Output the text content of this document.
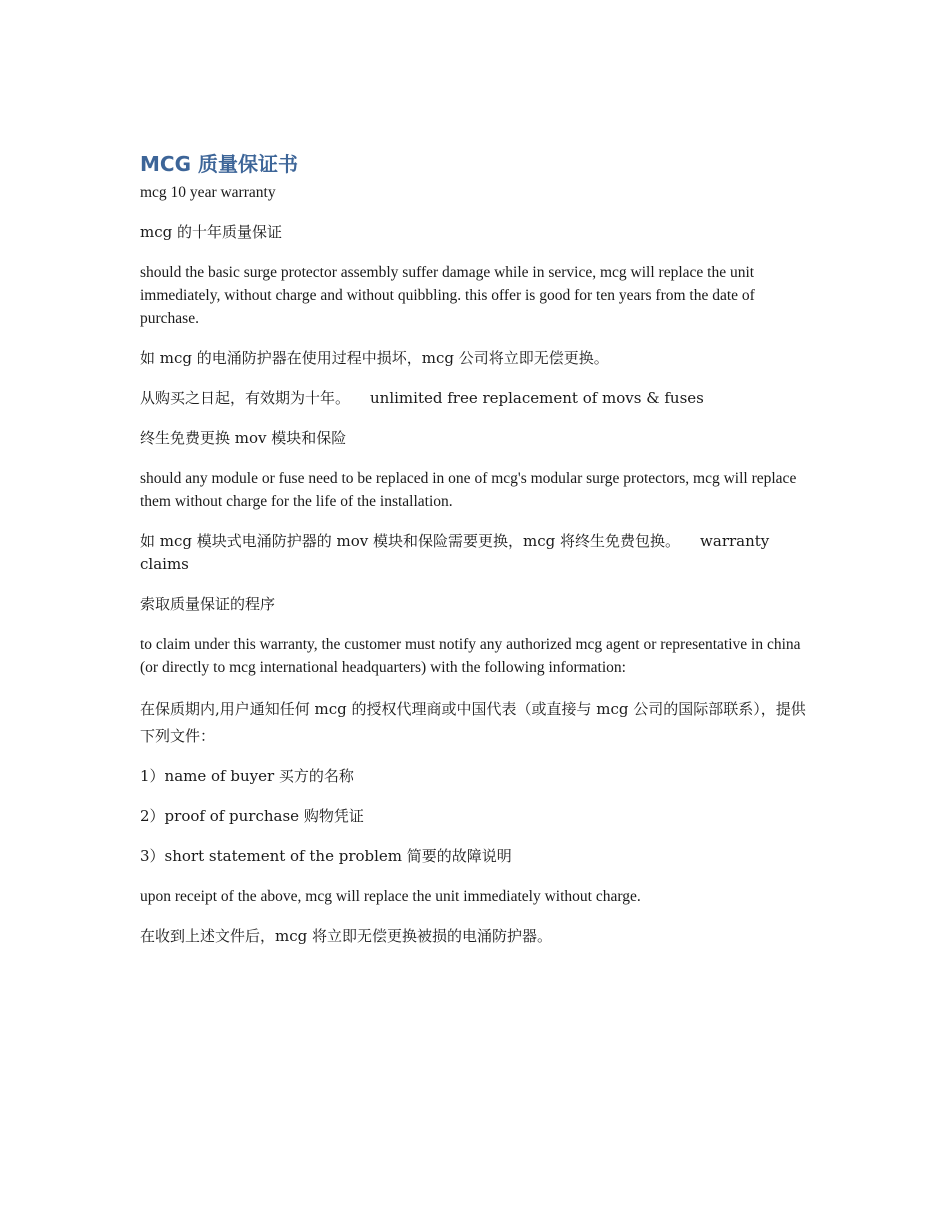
MCG 质量保证书
mcg 10 year warranty
mcg 的十年质量保证
should the basic surge protector assembly suffer damage while in service, mcg will replace the unit immediately, without charge and without quibbling. this offer is good for ten years from the date of purchase.
如 mcg 的电涌防护器在使用过程中损坏，mcg 公司将立即无偿更换。
从购买之日起，有效期为十年。 unlimited free replacement of movs & fuses
终生免费更换 mov 模块和保险
should any module or fuse need to be replaced in one of mcg's modular surge protectors, mcg will replace them without charge for the life of the installation.
如 mcg 模块式电涌防护器的 mov 模块和保险需要更换，mcg 将终生免费包换。 warranty claims
索取质量保证的程序
to claim under this warranty, the customer must notify any authorized mcg agent or representative in china (or directly to mcg international headquarters) with the following information:
在保质期内,用户通知任何 mcg 的授权代理商或中国代表（或直接与 mcg 公司的国际部联系），提供下列文件：
1）name of buyer 买方的名称
2）proof of purchase 购物凭证
3）short statement of the problem 简要的故障说明
upon receipt of the above, mcg will replace the unit immediately without charge.
在收到上述文件后，mcg 将立即无偿更换被损的电涌防护器。
